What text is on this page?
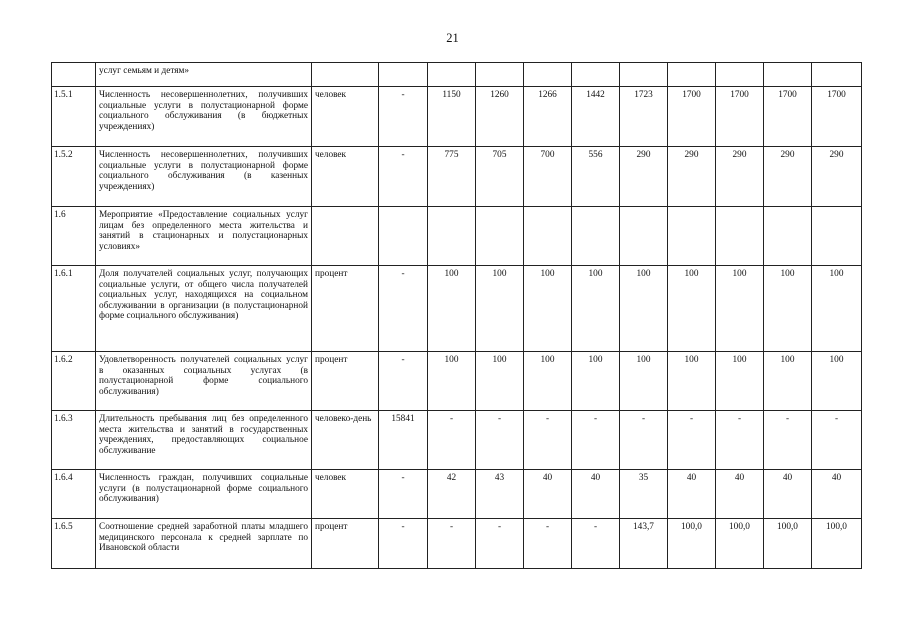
21
	услуг семьям и детям»											
1.5.1	Численность несовершеннолетних, получивших социальные услуги в полустационарной форме социального обслуживания (в бюджетных учреждениях)	человек	-	1150	1260	1266	1442	1723	1700	1700	1700	1700
1.5.2	Численность несовершеннолетних, получивших социальные услуги в полустационарной форме социального обслуживания (в казенных учреждениях)	человек	-	775	705	700	556	290	290	290	290	290
1.6	Мероприятие «Предоставление социальных услуг лицам без определенного места жительства и занятий в стационарных и полустационарных условиях»											
1.6.1	Доля получателей социальных услуг, получающих социальные услуги, от общего числа получателей социальных услуг, находящихся на социальном обслуживании в организации (в полустационарной форме социального обслуживания)	процент	-	100	100	100	100	100	100	100	100	100
1.6.2	Удовлетворенность получателей социальных услуг в оказанных социальных услугах (в полустационарной форме социального обслуживания)	процент	-	100	100	100	100	100	100	100	100	100
1.6.3	Длительность пребывания лиц без определенного места жительства и занятий в государственных учреждениях, предоставляющих социальное обслуживание	человеко-день	15841	-	-	-	-	-	-	-	-	-
1.6.4	Численность граждан, получивших социальные услуги (в полустационарной форме социального обслуживания)	человек	-	42	43	40	40	35	40	40	40	40
1.6.5	Соотношение средней заработной платы младшего медицинского персонала к средней зарплате по Ивановской области	процент	-	-	-	-	-	143,7	100,0	100,0	100,0	100,0
